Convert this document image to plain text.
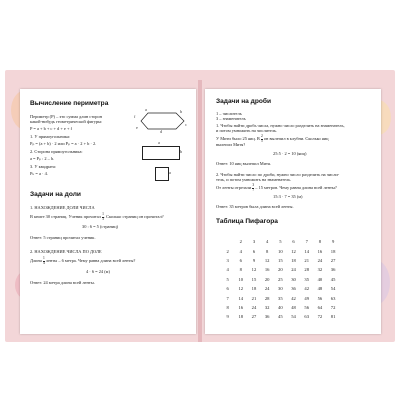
Вычисление периметра
Периметр (P) – это сумма длин сторон
какой-нибудь геометрической фигуры:
P = a + b + c + d + e + f
1. У прямоугольника:
Pₚ = (a + b) · 2 или Pₚ = a · 2 + b · 2.
2. Сторона прямоугольника:
a = Pₚ : 2 – b.
3. У квадрата:
Pₖ = a · 4.
a	b
c
d
e
f
a
b
a
Задачи на доли
1. НАХОЖДЕНИЕ ДОЛИ ЧИСЛА
В книге 30 страниц. Ученик прочитал $\frac{1}{3}$ . Сколько страниц он прочитал?
30 : 6 = 5 (страниц)
Ответ: 5 страниц прочитал ученик.
2. НАХОЖДЕНИЕ ЧИСЛА ПО ДОЛЕ
Длина $\frac{1}{4}$ ленты – 6 метра. Чему равна длина всей ленты?
4 · 6 = 24 (м)
Ответ: 24 метра длина всей ленты.
Задачи на дроби
1 – числитель
3 – знаменатель
1. Чтобы найти дробь числа, нужно число разделить на знаменатель,
и потом умножить на числитель.
У Мити было 25 яиц. В $\frac{2}{5}$ он вылепил в клубни. Сколько яиц
вылепил Митя?
25:5 · 2 = 10 (яиц)
Ответ: 10 яиц вылепил Митя.
2. Чтобы найти число по дроби, нужно число разделить на числи-
тель, и потом умножить на знаменатель.
От ленты отрезали $\frac{3}{7} - 15$ метров. Чему равна длина всей ленты?
15:3 · 7 = 35 (м)
Ответ: 35 метров была длина всей ленты.
Таблица Пифагора
	2	3	4	5	6	7	8	9
2	4	6	8	10	12	14	16	18
3	6	9	12	15	18	21	24	27
4	8	12	16	20	24	28	32	36
5	10	15	20	25	30	35	40	45
6	12	18	24	30	36	42	48	54
7	14	21	28	35	42	49	56	63
8	16	24	32	40	48	56	64	72
9	18	27	36	45	54	63	72	81
